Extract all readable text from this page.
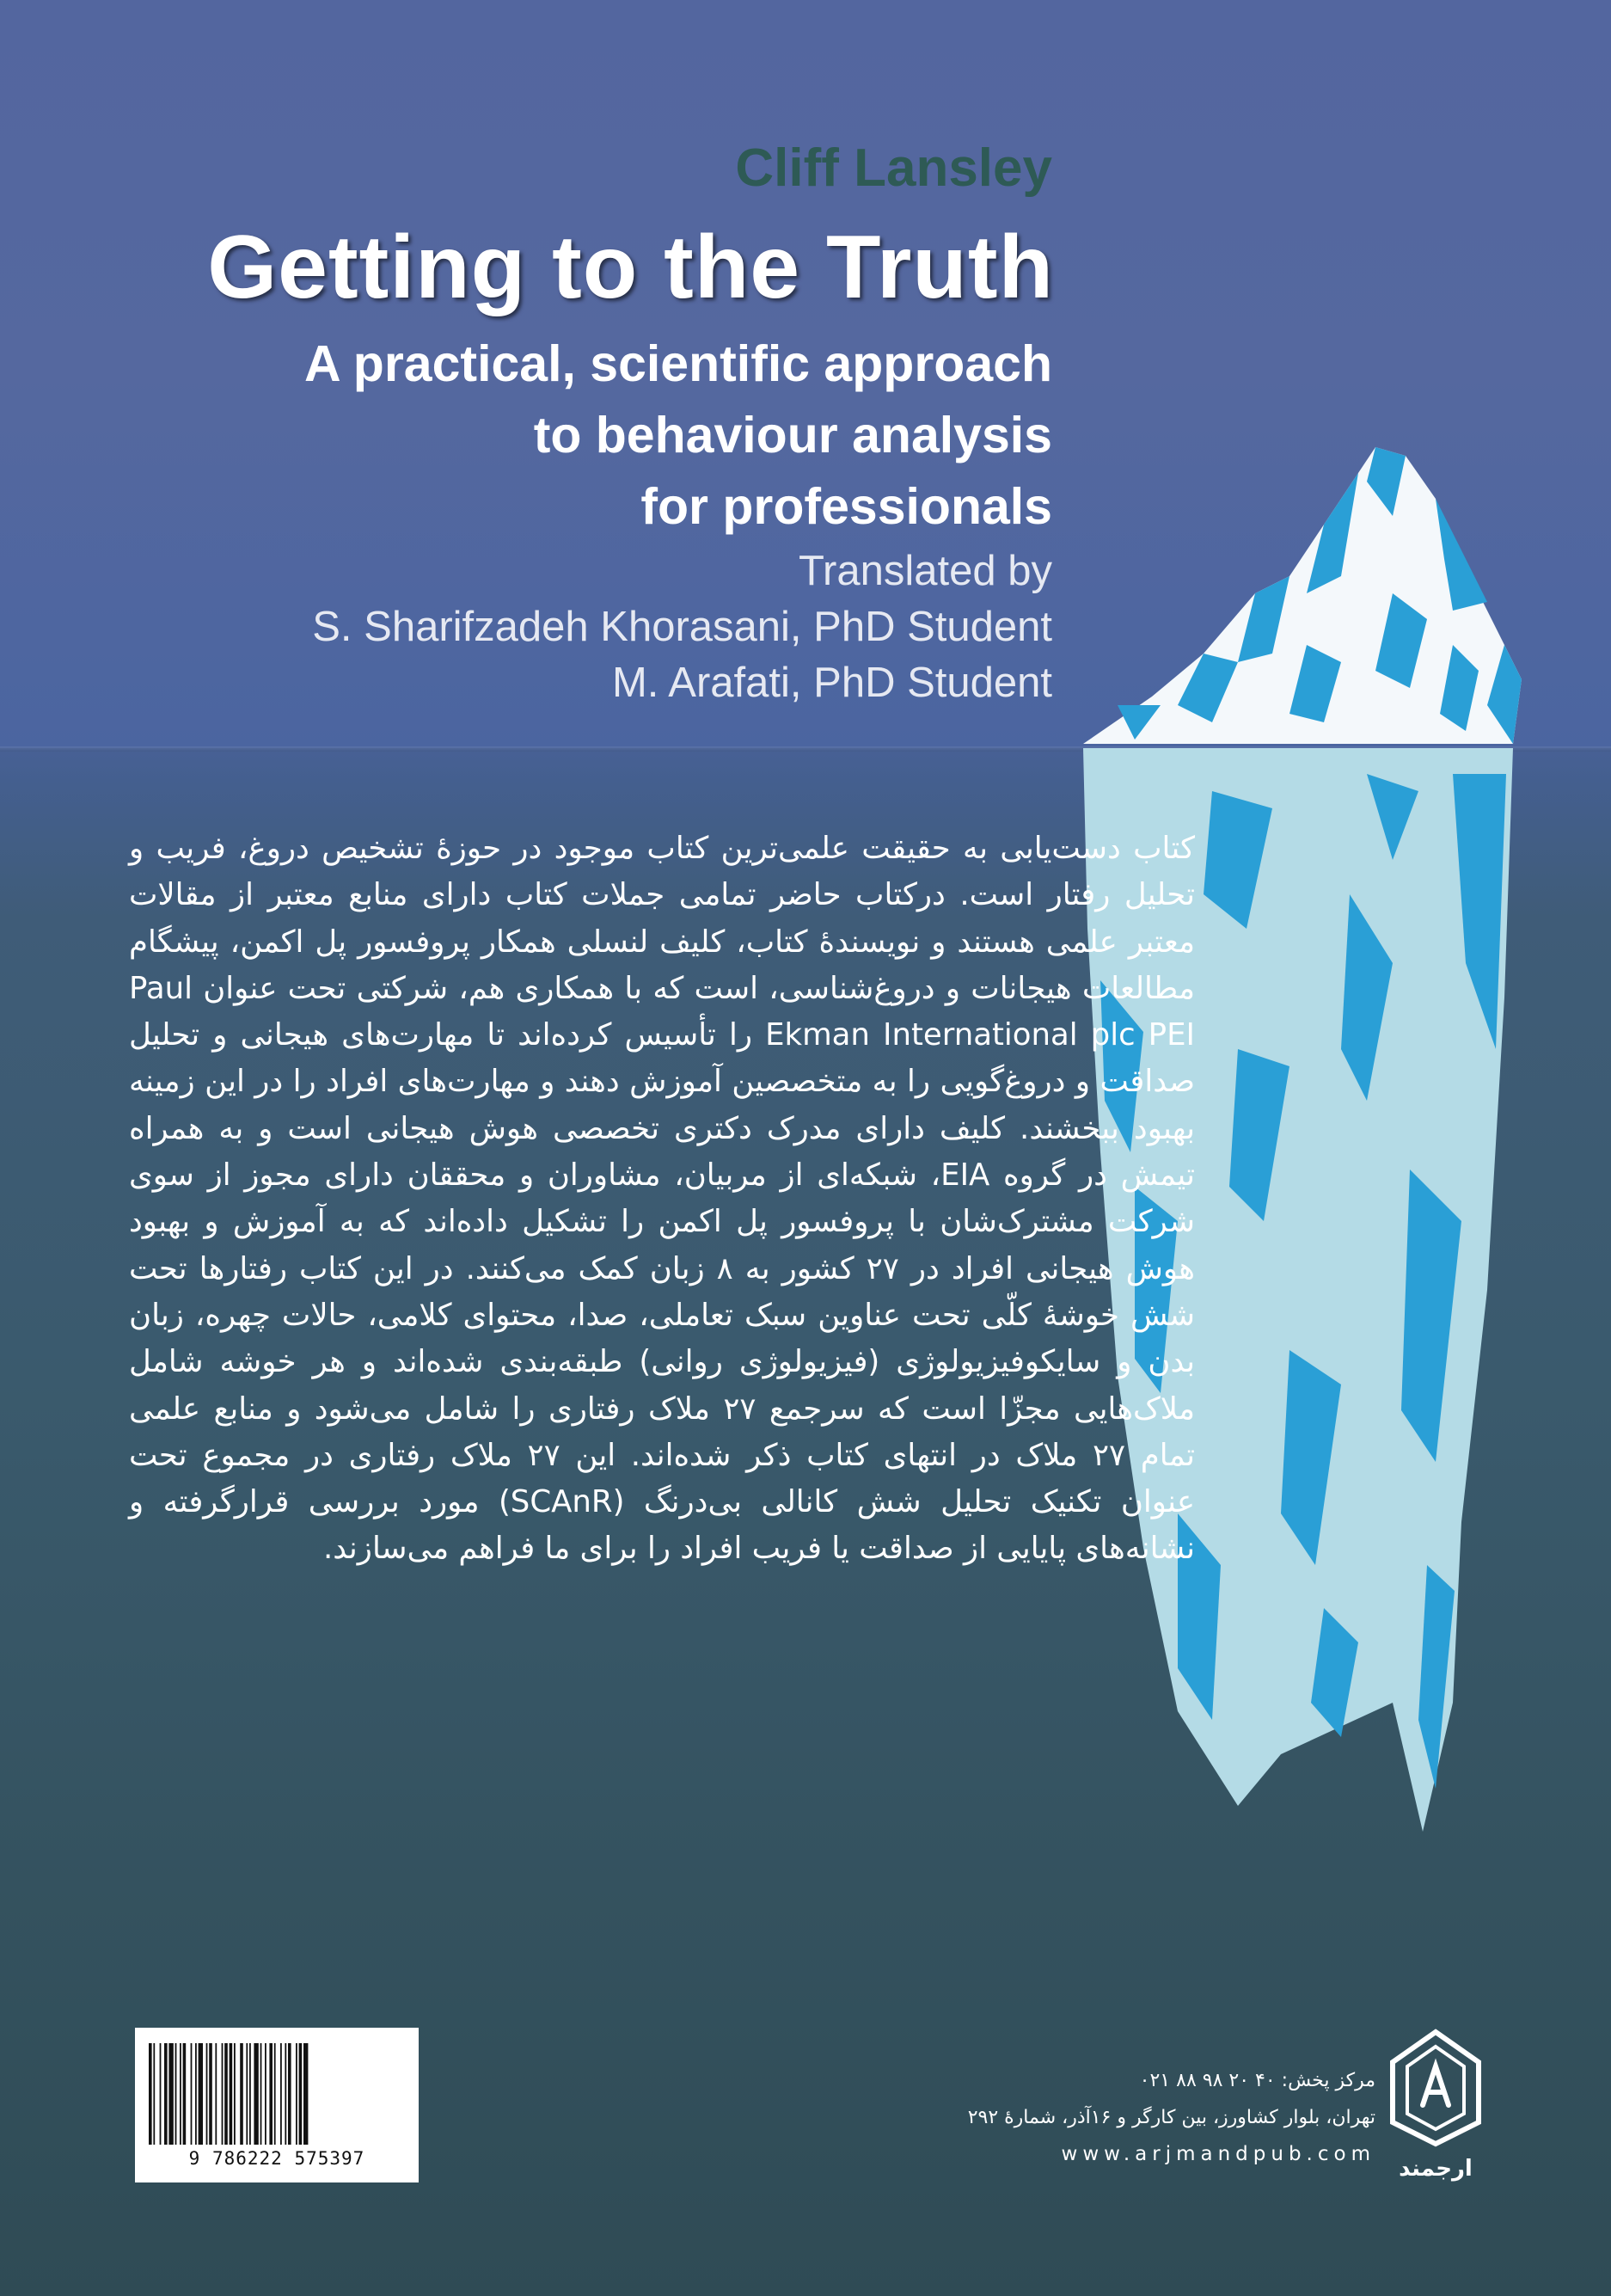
Cliff Lansley
Getting to the Truth

A practical, scientific approach
to behaviour analysis
for professionals

Translated by
S. Sharifzadeh Khorasani, PhD Student
M. Arafati, PhD Student

کتاب دست‌یابی به حقیقت علمی‌ترین کتاب موجود در حوزهٔ تشخیص دروغ، فریب و تحلیل رفتار است. درکتاب حاضر تمامی جملات کتاب دارای منابع معتبر از مقالات معتبر علمی هستند و نویسندهٔ کتاب، کلیف لنسلی همکار پروفسور پل اکمن، پیشگام مطالعات هیجانات و دروغ‌شناسی، است که با همکاری هم، شرکتی تحت عنوان Paul Ekman International plc PEI را تأسیس کرده‌اند تا مهارت‌های هیجانی و تحلیل صداقت و دروغ‌گویی را به متخصصین آموزش دهند و مهارت‌های افراد را در این زمینه بهبود ببخشند. کلیف دارای مدرک دکتری تخصصی هوش هیجانی است و به همراه تیمش در گروه EIA، شبکه‌ای از مربیان، مشاوران و محققان دارای مجوز از سوی شرکت مشترک‌شان با پروفسور پل اکمن را تشکیل داده‌اند که به آموزش و بهبود هوش هیجانی افراد در ۲۷ کشور به ۸ زبان کمک می‌کنند. در این کتاب رفتارها تحت شش خوشهٔ کلّی تحت عناوین سبک تعاملی، صدا، محتوای کلامی، حالات چهره، زبان بدن و سایکوفیزیولوژی (فیزیولوژی روانی) طبقه‌بندی شده‌اند و هر خوشه شامل ملاک‌هایی مجزّا است که سرجمع ۲۷ ملاک رفتاری را شامل می‌شود و منابع علمی تمام ۲۷ ملاک در انتهای کتاب ذکر شده‌اند. این ۲۷ ملاک رفتاری در مجموع تحت عنوان تکنیک تحلیل شش کانالی بی‌درنگ (SCAnR) مورد بررسی قرارگرفته و نشانه‌های پایایی از صداقت یا فریب افراد را برای ما فراهم می‌سازند.
9 786222 575397
مرکز پخش: ۴۰ ۲۰ ۹۸ ۸۸ ۰۲۱
تهران، بلوار کشاورز، بین کارگر و ۱۶آذر، شمارهٔ ۲۹۲
www.arjmandpub.com
ارجمند
